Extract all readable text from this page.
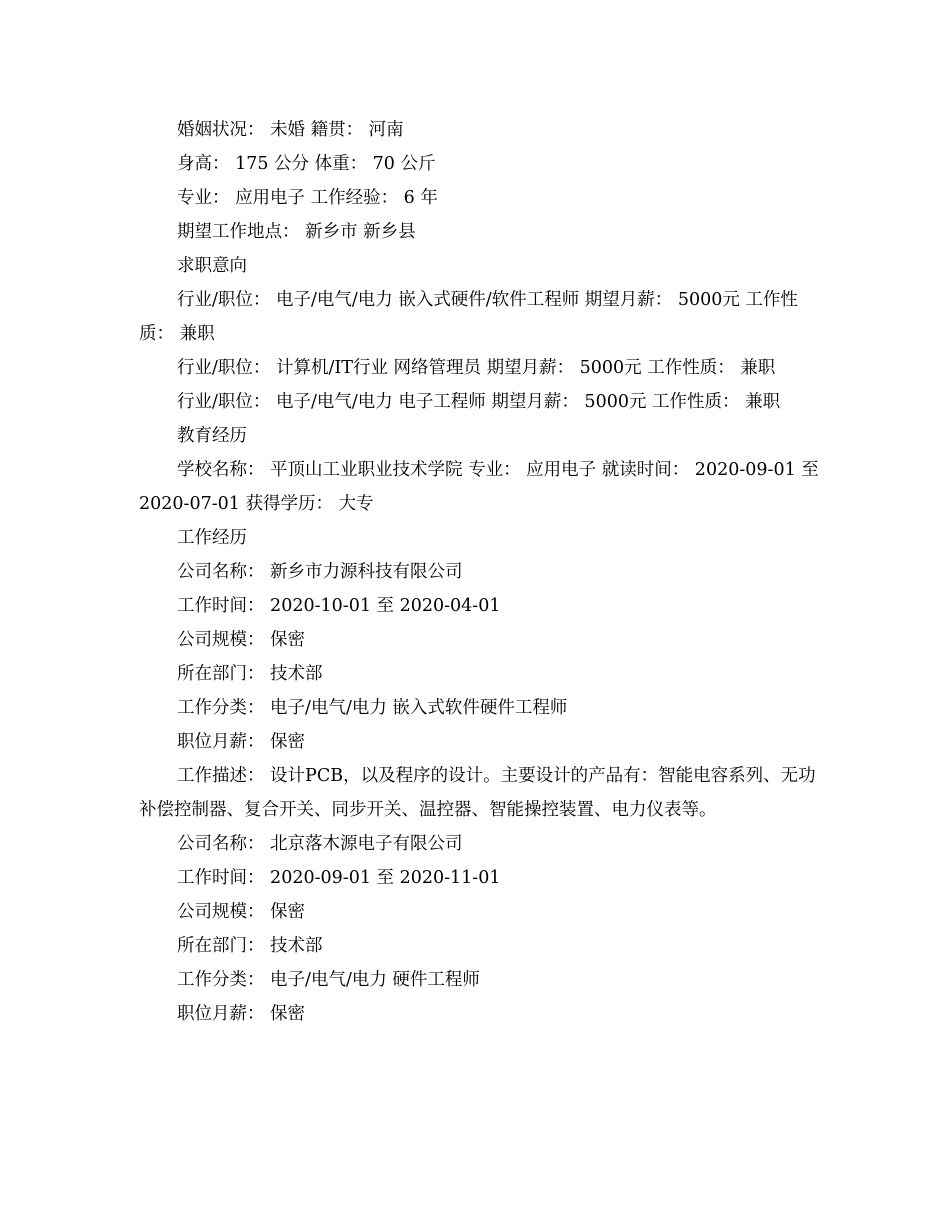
婚姻状况： 未婚 籍贯： 河南

身高： 175 公分 体重： 70 公斤

专业： 应用电子 工作经验： 6 年

期望工作地点： 新乡市 新乡县

求职意向

行业/职位： 电子/电气/电力 嵌入式硬件/软件工程师 期望月薪： 5000元 工作性质： 兼职

行业/职位： 计算机/IT行业 网络管理员 期望月薪： 5000元 工作性质： 兼职

行业/职位： 电子/电气/电力 电子工程师 期望月薪： 5000元 工作性质： 兼职

教育经历

学校名称： 平顶山工业职业技术学院 专业： 应用电子 就读时间： 2020-09-01 至 2020-07-01 获得学历： 大专

工作经历

公司名称： 新乡市力源科技有限公司

工作时间： 2020-10-01 至 2020-04-01

公司规模： 保密

所在部门： 技术部

工作分类： 电子/电气/电力 嵌入式软件硬件工程师

职位月薪： 保密

工作描述： 设计PCB，以及程序的设计。主要设计的产品有：智能电容系列、无功补偿控制器、复合开关、同步开关、温控器、智能操控装置、电力仪表等。

公司名称： 北京落木源电子有限公司

工作时间： 2020-09-01 至 2020-11-01

公司规模： 保密

所在部门： 技术部

工作分类： 电子/电气/电力 硬件工程师

职位月薪： 保密
